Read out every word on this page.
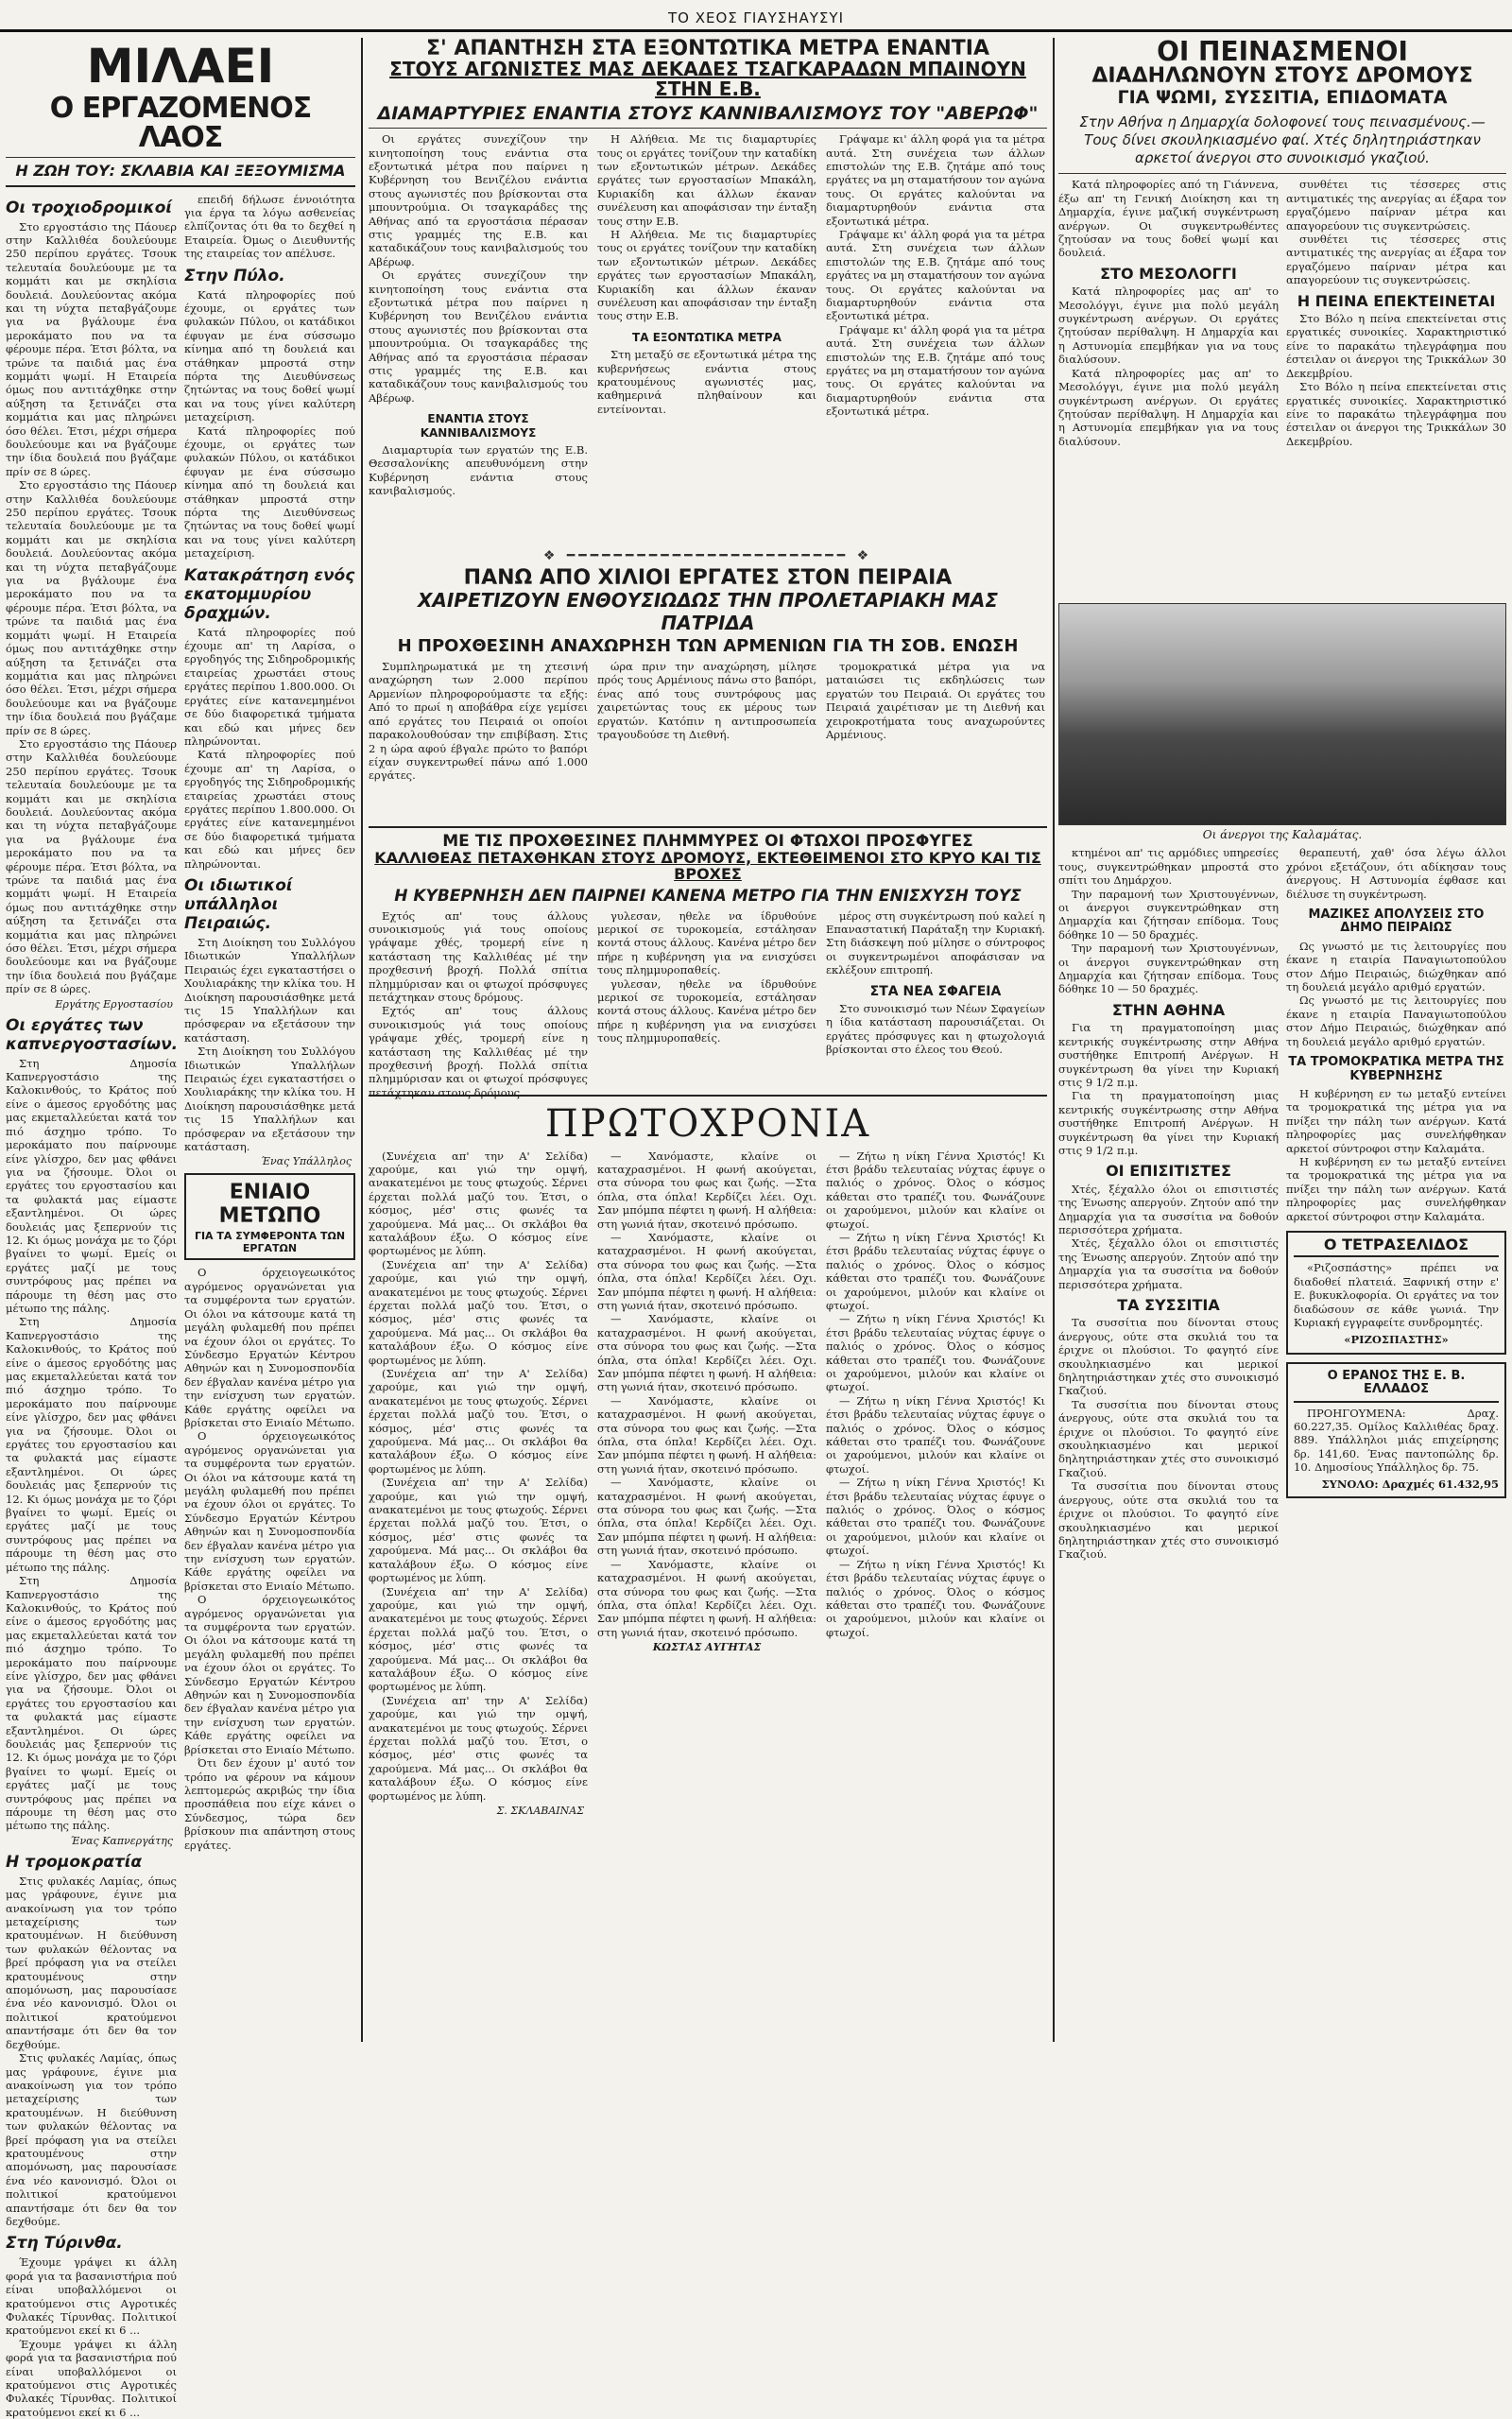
ΤΟ ΧΕΟΣ ΓΙΑΥΣΗΑΥΣΥΙ
ΜΙΛΑΕΙ
Ο ΕΡΓΑΖΟΜΕΝΟΣ ΛΑΟΣ
Η ΖΩΗ ΤΟΥ: ΣΚΛΑΒΙΑ ΚΑΙ ΞΕΞΟΥΜΙΣΜΑ
Οι τροχιοδρομικοί

Στο εργοστάσιο της Πάουερ στην Καλλιθέα δουλεύουμε 250 περίπου εργάτες. Τσουκ τελευταία δουλεύουμε με τα κομμάτι και με σκηλίσια δουλειά. Δουλεύοντας ακόμα και τη νύχτα πεταβγάζουμε για να βγάλουμε ένα μεροκάματο που να τα φέρουμε πέρα. Έτσι βόλτα, να τρώνε τα παιδιά μας ένα κομμάτι ψωμί. Η Εταιρεία όμως που αντιτάχθηκε στην αύξηση τα ξετινάζει στα κομμάτια και μας πληρώνει όσο θέλει. Έτσι, μέχρι σήμερα δουλεύουμε και να βγάζουμε την ίδια δουλειά που βγάζαμε πρίν σε 8 ώρες.

Στο εργοστάσιο της Πάουερ στην Καλλιθέα δουλεύουμε 250 περίπου εργάτες. Τσουκ τελευταία δουλεύουμε με τα κομμάτι και με σκηλίσια δουλειά. Δουλεύοντας ακόμα και τη νύχτα πεταβγάζουμε για να βγάλουμε ένα μεροκάματο που να τα φέρουμε πέρα. Έτσι βόλτα, να τρώνε τα παιδιά μας ένα κομμάτι ψωμί. Η Εταιρεία όμως που αντιτάχθηκε στην αύξηση τα ξετινάζει στα κομμάτια και μας πληρώνει όσο θέλει. Έτσι, μέχρι σήμερα δουλεύουμε και να βγάζουμε την ίδια δουλειά που βγάζαμε πρίν σε 8 ώρες.

Στο εργοστάσιο της Πάουερ στην Καλλιθέα δουλεύουμε 250 περίπου εργάτες. Τσουκ τελευταία δουλεύουμε με τα κομμάτι και με σκηλίσια δουλειά. Δουλεύοντας ακόμα και τη νύχτα πεταβγάζουμε για να βγάλουμε ένα μεροκάματο που να τα φέρουμε πέρα. Έτσι βόλτα, να τρώνε τα παιδιά μας ένα κομμάτι ψωμί. Η Εταιρεία όμως που αντιτάχθηκε στην αύξηση τα ξετινάζει στα κομμάτια και μας πληρώνει όσο θέλει. Έτσι, μέχρι σήμερα δουλεύουμε και να βγάζουμε την ίδια δουλειά που βγάζαμε πρίν σε 8 ώρες.

Εργάτης Εργοστασίου
Οι εργάτες των καπνεργοστασίων.

Στη Δημοσία Καπνεργοστάσιο της Καλοκινθούς, το Κράτος πού είνε ο άμεσος εργοδότης μας μας εκμεταλλεύεται κατά τον πιό άσχημο τρόπο. Το μεροκάματο που παίρνουμε είνε γλίσχρο, δεν μας φθάνει για να ζήσουμε. Όλοι οι εργάτες του εργοστασίου και τα φυλακτά μας είμαστε εξαντλημένοι. Οι ώρες δουλειάς μας ξεπερνούν τις 12. Κι όμως μονάχα με το ζόρι βγαίνει το ψωμί. Εμείς οι εργάτες μαζί με τους συντρόφους μας πρέπει να πάρουμε τη θέση μας στο μέτωπο της πάλης.

Στη Δημοσία Καπνεργοστάσιο της Καλοκινθούς, το Κράτος πού είνε ο άμεσος εργοδότης μας μας εκμεταλλεύεται κατά τον πιό άσχημο τρόπο. Το μεροκάματο που παίρνουμε είνε γλίσχρο, δεν μας φθάνει για να ζήσουμε. Όλοι οι εργάτες του εργοστασίου και τα φυλακτά μας είμαστε εξαντλημένοι. Οι ώρες δουλειάς μας ξεπερνούν τις 12. Κι όμως μονάχα με το ζόρι βγαίνει το ψωμί. Εμείς οι εργάτες μαζί με τους συντρόφους μας πρέπει να πάρουμε τη θέση μας στο μέτωπο της πάλης.

Στη Δημοσία Καπνεργοστάσιο της Καλοκινθούς, το Κράτος πού είνε ο άμεσος εργοδότης μας μας εκμεταλλεύεται κατά τον πιό άσχημο τρόπο. Το μεροκάματο που παίρνουμε είνε γλίσχρο, δεν μας φθάνει για να ζήσουμε. Όλοι οι εργάτες του εργοστασίου και τα φυλακτά μας είμαστε εξαντλημένοι. Οι ώρες δουλειάς μας ξεπερνούν τις 12. Κι όμως μονάχα με το ζόρι βγαίνει το ψωμί. Εμείς οι εργάτες μαζί με τους συντρόφους μας πρέπει να πάρουμε τη θέση μας στο μέτωπο της πάλης.

Ένας Καπνεργάτης
Η τρομοκρατία

Στις φυλακές Λαμίας, όπως μας γράφουνε, έγινε μια ανακοίνωση για τον τρόπο μεταχείρισης των κρατουμένων. Η διεύθυνση των φυλακών θέλοντας να βρεί πρόφαση για να στείλει κρατουμένους στην απομόνωση, μας παρουσίασε ένα νέο κανονισμό. Όλοι οι πολιτικοί κρατούμενοι απαντήσαμε ότι δεν θα τον δεχθούμε.

Στις φυλακές Λαμίας, όπως μας γράφουνε, έγινε μια ανακοίνωση για τον τρόπο μεταχείρισης των κρατουμένων. Η διεύθυνση των φυλακών θέλοντας να βρεί πρόφαση για να στείλει κρατουμένους στην απομόνωση, μας παρουσίασε ένα νέο κανονισμό. Όλοι οι πολιτικοί κρατούμενοι απαντήσαμε ότι δεν θα τον δεχθούμε.

Στη Τύρινθα.

Έχουμε γράψει κι άλλη φορά για τα βασανιστήρια πού είναι υποβαλλόμενοι οι κρατούμενοι στις Αγροτικές Φυλακές Τίρυνθας. Πολιτικοί κρατούμενοι εκεί κι 6 ...

Έχουμε γράψει κι άλλη φορά για τα βασανιστήρια πού είναι υποβαλλόμενοι οι κρατούμενοι στις Αγροτικές Φυλακές Τίρυνθας. Πολιτικοί κρατούμενοι εκεί κι 6 ...

επειδή δήλωσε έννοιότητα για έργα τα λόγω ασθενείας ελπίζοντας ότι θα το δεχθεί η Εταιρεία. Όμως ο Διευθυντής της εταιρείας τον απέλυσε.

Στην Πύλο.

Κατά πληροφορίες πού έχουμε, οι εργάτες των φυλακών Πύλου, οι κατάδικοι έφυγαν με ένα σύσσωμο κίνημα από τη δουλειά και στάθηκαν μπροστά στην πόρτα της Διευθύνσεως ζητώντας να τους δοθεί ψωμί και να τους γίνει καλύτερη μεταχείριση.

Κατά πληροφορίες πού έχουμε, οι εργάτες των φυλακών Πύλου, οι κατάδικοι έφυγαν με ένα σύσσωμο κίνημα από τη δουλειά και στάθηκαν μπροστά στην πόρτα της Διευθύνσεως ζητώντας να τους δοθεί ψωμί και να τους γίνει καλύτερη μεταχείριση.

Κατακράτηση ενός εκατομμυρίου δραχμών.

Κατά πληροφορίες πού έχουμε απ' τη Λαρίσα, ο εργοδηγός της Σιδηροδρομικής εταιρείας χρωστάει στους εργάτες περίπου 1.800.000. Οι εργάτες είνε κατανεμημένοι σε δύο διαφορετικά τμήματα και εδώ και μήνες δεν πληρώνονται.

Κατά πληροφορίες πού έχουμε απ' τη Λαρίσα, ο εργοδηγός της Σιδηροδρομικής εταιρείας χρωστάει στους εργάτες περίπου 1.800.000. Οι εργάτες είνε κατανεμημένοι σε δύο διαφορετικά τμήματα και εδώ και μήνες δεν πληρώνονται.

Οι ιδιωτικοί υπάλληλοι Πειραιώς.

Στη Διοίκηση του Συλλόγου Ιδιωτικών Υπαλλήλων Πειραιώς έχει εγκαταστήσει ο Χουλιαράκης την κλίκα του. Η Διοίκηση παρουσιάσθηκε μετά τις 15 Υπαλλήλων και πρόσφεραν να εξετάσουν την κατάσταση.

Στη Διοίκηση του Συλλόγου Ιδιωτικών Υπαλλήλων Πειραιώς έχει εγκαταστήσει ο Χουλιαράκης την κλίκα του. Η Διοίκηση παρουσιάσθηκε μετά τις 15 Υπαλλήλων και πρόσφεραν να εξετάσουν την κατάσταση.

Ένας Υπάλληλος
ΕΝΙΑΙΟ ΜΕΤΩΠΟ
ΓΙΑ ΤΑ ΣΥΜΦΕΡΟΝΤΑ ΤΩΝ ΕΡΓΑΤΩΝ

Ο όρχειογεωικότος αγρόμενος οργανώνεται για τα συμφέροντα των εργατών. Οι όλοι να κάτσουμε κατά τη μεγάλη φυλαμεθή που πρέπει να έχουν όλοι οι εργάτες. Το Σύνδεσμο Εργατών Κέντρου Αθηνών και η Συνομοσπονδία δεν έβγαλαν κανένα μέτρο για την ενίσχυση των εργατών. Κάθε εργάτης οφείλει να βρίσκεται στο Ενιαίο Μέτωπο.

Ο όρχειογεωικότος αγρόμενος οργανώνεται για τα συμφέροντα των εργατών. Οι όλοι να κάτσουμε κατά τη μεγάλη φυλαμεθή που πρέπει να έχουν όλοι οι εργάτες. Το Σύνδεσμο Εργατών Κέντρου Αθηνών και η Συνομοσπονδία δεν έβγαλαν κανένα μέτρο για την ενίσχυση των εργατών. Κάθε εργάτης οφείλει να βρίσκεται στο Ενιαίο Μέτωπο.

Ο όρχειογεωικότος αγρόμενος οργανώνεται για τα συμφέροντα των εργατών. Οι όλοι να κάτσουμε κατά τη μεγάλη φυλαμεθή που πρέπει να έχουν όλοι οι εργάτες. Το Σύνδεσμο Εργατών Κέντρου Αθηνών και η Συνομοσπονδία δεν έβγαλαν κανένα μέτρο για την ενίσχυση των εργατών. Κάθε εργάτης οφείλει να βρίσκεται στο Ενιαίο Μέτωπο.

Ότι δεν έχουν μ' αυτό τον τρόπο να φέρουν να κάμουν λεπτομερώς ακριβώς την ίδια προσπάθεια που είχε κάνει ο Σύνδεσμος, τώρα δεν βρίσκουν πια απάντηση στους εργάτες.

Σ' ΑΠΑΝΤΗΣΗ ΣΤΑ ΕΞΟΝΤΩΤΙΚΑ ΜΕΤΡΑ ΕΝΑΝΤΙΑ
ΣΤΟΥΣ ΑΓΩΝΙΣΤΕΣ ΜΑΣ ΔΕΚΑΔΕΣ ΤΣΑΓΚΑΡΑΔΩΝ ΜΠΑΙΝΟΥΝ ΣΤΗΝ Ε.Β.
ΔΙΑΜΑΡΤΥΡΙΕΣ ΕΝΑΝΤΙΑ ΣΤΟΥΣ ΚΑΝΝΙΒΑΛΙΣΜΟΥΣ ΤΟΥ "ΑΒΕΡΩΦ"

Οι εργάτες συνεχίζουν την κινητοποίηση τους ενάντια στα εξοντωτικά μέτρα που παίρνει η Κυβέρνηση του Βενιζέλου ενάντια στους αγωνιστές που βρίσκονται στα μπουντρούμια. Οι τσαγκαράδες της Αθήνας από τα εργοστάσια πέρασαν στις γραμμές της Ε.Β. και καταδικάζουν τους κανιβαλισμούς του Αβέρωφ.

Οι εργάτες συνεχίζουν την κινητοποίηση τους ενάντια στα εξοντωτικά μέτρα που παίρνει η Κυβέρνηση του Βενιζέλου ενάντια στους αγωνιστές που βρίσκονται στα μπουντρούμια. Οι τσαγκαράδες της Αθήνας από τα εργοστάσια πέρασαν στις γραμμές της Ε.Β. και καταδικάζουν τους κανιβαλισμούς του Αβέρωφ.

ΕΝΑΝΤΙΑ ΣΤΟΥΣ ΚΑΝΝΙΒΑΛΙΣΜΟΥΣ

Διαμαρτυρία των εργατών της Ε.Β. Θεσσαλονίκης απευθυνόμενη στην Κυβέρνηση ενάντια στους κανιβαλισμούς.

Η Αλήθεια. Με τις διαμαρτυρίες τους οι εργάτες τονίζουν την καταδίκη των εξοντωτικών μέτρων. Δεκάδες εργάτες των εργοστασίων Μπακάλη, Κυριακίδη και άλλων έκαναν συνέλευση και αποφάσισαν την ένταξη τους στην Ε.Β.

Η Αλήθεια. Με τις διαμαρτυρίες τους οι εργάτες τονίζουν την καταδίκη των εξοντωτικών μέτρων. Δεκάδες εργάτες των εργοστασίων Μπακάλη, Κυριακίδη και άλλων έκαναν συνέλευση και αποφάσισαν την ένταξη τους στην Ε.Β.

ΤΑ ΕΞΟΝΤΩΤΙΚΑ ΜΕΤΡΑ

Στη μεταξύ σε εξοντωτικά μέτρα της κυβερνήσεως ενάντια στους κρατουμένους αγωνιστές μας, καθημερινά πληθαίνουν και εντείνονται.

Γράψαμε κι' άλλη φορά για τα μέτρα αυτά. Στη συνέχεια των άλλων επιστολών της Ε.Β. ζητάμε από τους εργάτες να μη σταματήσουν τον αγώνα τους. Οι εργάτες καλούνται να διαμαρτυρηθούν ενάντια στα εξοντωτικά μέτρα.

Γράψαμε κι' άλλη φορά για τα μέτρα αυτά. Στη συνέχεια των άλλων επιστολών της Ε.Β. ζητάμε από τους εργάτες να μη σταματήσουν τον αγώνα τους. Οι εργάτες καλούνται να διαμαρτυρηθούν ενάντια στα εξοντωτικά μέτρα.

Γράψαμε κι' άλλη φορά για τα μέτρα αυτά. Στη συνέχεια των άλλων επιστολών της Ε.Β. ζητάμε από τους εργάτες να μη σταματήσουν τον αγώνα τους. Οι εργάτες καλούνται να διαμαρτυρηθούν ενάντια στα εξοντωτικά μέτρα.

❖ ━━━━━━━━━━━━━━━━━━━━━━━━ ❖
ΠΑΝΩ ΑΠΟ ΧΙΛΙΟΙ ΕΡΓΑΤΕΣ ΣΤΟΝ ΠΕΙΡΑΙΑ
ΧΑΙΡΕΤΙΖΟΥΝ ΕΝΘΟΥΣΙΩΔΩΣ ΤΗΝ ΠΡΟΛΕΤΑΡΙΑΚΗ ΜΑΣ ΠΑΤΡΙΔΑ
Η ΠΡΟΧΘΕΣΙΝΗ ΑΝΑΧΩΡΗΣΗ ΤΩΝ ΑΡΜΕΝΙΩΝ ΓΙΑ ΤΗ ΣΟΒ. ΕΝΩΣΗ

Συμπληρωματικά με τη χτεσινή αναχώρηση των 2.000 περίπου Αρμενίων πληροφορούμαστε τα εξής: Από το πρωί η αποβάθρα είχε γεμίσει από εργάτες του Πειραιά οι οποίοι παρακολουθούσαν την επιβίβαση. Στις 2 η ώρα αφού έβγαλε πρώτο το βαπόρι είχαν συγκεντρωθεί πάνω από 1.000 εργάτες.

ώρα πριν την αναχώρηση, μίλησε πρός τους Αρμένιους πάνω στο βαπόρι, ένας από τους συντρόφους μας χαιρετώντας τους εκ μέρους των εργατών. Κατόπιν η αντιπροσωπεία τραγουδούσε τη Διεθνή.

τρομοκρατικά μέτρα για να ματαιώσει τις εκδηλώσεις των εργατών του Πειραιά. Οι εργάτες του Πειραιά χαιρέτισαν με τη Διεθνή και χειροκροτήματα τους αναχωρούντες Αρμένιους.

ΜΕ ΤΙΣ ΠΡΟΧΘΕΣΙΝΕΣ ΠΛΗΜΜΥΡΕΣ ΟΙ ΦΤΩΧΟΙ ΠΡΟΣΦΥΓΕΣ
ΚΑΛΛΙΘΕΑΣ ΠΕΤΑΧΘΗΚΑΝ ΣΤΟΥΣ ΔΡΟΜΟΥΣ, ΕΚΤΕΘΕΙΜΕΝΟΙ ΣΤΟ ΚΡΥΟ ΚΑΙ ΤΙΣ ΒΡΟΧΕΣ
Η ΚΥΒΕΡΝΗΣΗ ΔΕΝ ΠΑΙΡΝΕΙ ΚΑΝΕΝΑ ΜΕΤΡΟ ΓΙΑ ΤΗΝ ΕΝΙΣΧΥΣΗ ΤΟΥΣ

Εχτός απ' τους άλλους συνοικισμούς γιά τους οποίους γράψαμε χθές, τρομερή είνε η κατάσταση της Καλλιθέας μέ την προχθεσινή βροχή. Πολλά σπίτια πλημμύρισαν και οι φτωχοί πρόσφυγες πετάχτηκαν στους δρόμους.

Εχτός απ' τους άλλους συνοικισμούς γιά τους οποίους γράψαμε χθές, τρομερή είνε η κατάσταση της Καλλιθέας μέ την προχθεσινή βροχή. Πολλά σπίτια πλημμύρισαν και οι φτωχοί πρόσφυγες πετάχτηκαν στους δρόμους.

γυλεσαν, ηθελε να ίδρυθούνε μερικοί σε τυροκομεία, εστάλησαν κοντά στους άλλους. Κανένα μέτρο δεν πήρε η κυβέρνηση για να ενισχύσει τους πλημμυροπαθείς.

γυλεσαν, ηθελε να ίδρυθούνε μερικοί σε τυροκομεία, εστάλησαν κοντά στους άλλους. Κανένα μέτρο δεν πήρε η κυβέρνηση για να ενισχύσει τους πλημμυροπαθείς.

μέρος στη συγκέντρωση πού καλεί η Επαναστατική Παράταξη την Κυριακή. Στη διάσκεψη πού μίλησε ο σύντροφος οι συγκεντρωμένοι αποφάσισαν να εκλέξουν επιτροπή.

ΣΤΑ ΝΕΑ ΣΦΑΓΕΙΑ

Στο συνοικισμό των Νέων Σφαγείων η ίδια κατάσταση παρουσιάζεται. Οι εργάτες πρόσφυγες και η φτωχολογιά βρίσκονται στο έλεος του Θεού.

ΠΡΩΤΟΧΡΟΝΙΑ

(Συνέχεια απ' την Α' Σελίδα) χαρούμε, και γιώ την ομψή, ανακατεμένοι με τους φτωχούς. Σέρνει έρχεται πολλά μαζύ του. Έτσι, ο κόσμος, μέσ' στις φωνές τα χαρούμενα. Μά μας... Οι σκλάβοι θα καταλάβουν έξω. Ο κόσμος είνε φορτωμένος με λύπη.

(Συνέχεια απ' την Α' Σελίδα) χαρούμε, και γιώ την ομψή, ανακατεμένοι με τους φτωχούς. Σέρνει έρχεται πολλά μαζύ του. Έτσι, ο κόσμος, μέσ' στις φωνές τα χαρούμενα. Μά μας... Οι σκλάβοι θα καταλάβουν έξω. Ο κόσμος είνε φορτωμένος με λύπη.

(Συνέχεια απ' την Α' Σελίδα) χαρούμε, και γιώ την ομψή, ανακατεμένοι με τους φτωχούς. Σέρνει έρχεται πολλά μαζύ του. Έτσι, ο κόσμος, μέσ' στις φωνές τα χαρούμενα. Μά μας... Οι σκλάβοι θα καταλάβουν έξω. Ο κόσμος είνε φορτωμένος με λύπη.

(Συνέχεια απ' την Α' Σελίδα) χαρούμε, και γιώ την ομψή, ανακατεμένοι με τους φτωχούς. Σέρνει έρχεται πολλά μαζύ του. Έτσι, ο κόσμος, μέσ' στις φωνές τα χαρούμενα. Μά μας... Οι σκλάβοι θα καταλάβουν έξω. Ο κόσμος είνε φορτωμένος με λύπη.

(Συνέχεια απ' την Α' Σελίδα) χαρούμε, και γιώ την ομψή, ανακατεμένοι με τους φτωχούς. Σέρνει έρχεται πολλά μαζύ του. Έτσι, ο κόσμος, μέσ' στις φωνές τα χαρούμενα. Μά μας... Οι σκλάβοι θα καταλάβουν έξω. Ο κόσμος είνε φορτωμένος με λύπη.

(Συνέχεια απ' την Α' Σελίδα) χαρούμε, και γιώ την ομψή, ανακατεμένοι με τους φτωχούς. Σέρνει έρχεται πολλά μαζύ του. Έτσι, ο κόσμος, μέσ' στις φωνές τα χαρούμενα. Μά μας... Οι σκλάβοι θα καταλάβουν έξω. Ο κόσμος είνε φορτωμένος με λύπη.

Σ. ΣΚΛΑΒΑΙΝΑΣ

— Χανόμαστε, κλαίνε οι καταχρασμένοι. Η φωνή ακούγεται, στα σύνορα του φως και ζωής. —Στα όπλα, στα όπλα! Κερδίζει λέει. Οχι. Σαν μπόμπα πέφτει η φωνή. Η αλήθεια: στη γωνιά ήταν, σκοτεινό πρόσωπο.

— Χανόμαστε, κλαίνε οι καταχρασμένοι. Η φωνή ακούγεται, στα σύνορα του φως και ζωής. —Στα όπλα, στα όπλα! Κερδίζει λέει. Οχι. Σαν μπόμπα πέφτει η φωνή. Η αλήθεια: στη γωνιά ήταν, σκοτεινό πρόσωπο.

— Χανόμαστε, κλαίνε οι καταχρασμένοι. Η φωνή ακούγεται, στα σύνορα του φως και ζωής. —Στα όπλα, στα όπλα! Κερδίζει λέει. Οχι. Σαν μπόμπα πέφτει η φωνή. Η αλήθεια: στη γωνιά ήταν, σκοτεινό πρόσωπο.

— Χανόμαστε, κλαίνε οι καταχρασμένοι. Η φωνή ακούγεται, στα σύνορα του φως και ζωής. —Στα όπλα, στα όπλα! Κερδίζει λέει. Οχι. Σαν μπόμπα πέφτει η φωνή. Η αλήθεια: στη γωνιά ήταν, σκοτεινό πρόσωπο.

— Χανόμαστε, κλαίνε οι καταχρασμένοι. Η φωνή ακούγεται, στα σύνορα του φως και ζωής. —Στα όπλα, στα όπλα! Κερδίζει λέει. Οχι. Σαν μπόμπα πέφτει η φωνή. Η αλήθεια: στη γωνιά ήταν, σκοτεινό πρόσωπο.

— Χανόμαστε, κλαίνε οι καταχρασμένοι. Η φωνή ακούγεται, στα σύνορα του φως και ζωής. —Στα όπλα, στα όπλα! Κερδίζει λέει. Οχι. Σαν μπόμπα πέφτει η φωνή. Η αλήθεια: στη γωνιά ήταν, σκοτεινό πρόσωπο.

ΚΩΣΤΑΣ ΑΥΓΗΤΑΣ

— Ζήτω η νίκη Γέννα Χριστός! Κι έτσι βράδυ τελευταίας νύχτας έφυγε ο παλιός ο χρόνος. Όλος ο κόσμος κάθεται στο τραπέζι του. Φωνάζουνε οι χαρούμενοι, μιλούν και κλαίνε οι φτωχοί.

— Ζήτω η νίκη Γέννα Χριστός! Κι έτσι βράδυ τελευταίας νύχτας έφυγε ο παλιός ο χρόνος. Όλος ο κόσμος κάθεται στο τραπέζι του. Φωνάζουνε οι χαρούμενοι, μιλούν και κλαίνε οι φτωχοί.

— Ζήτω η νίκη Γέννα Χριστός! Κι έτσι βράδυ τελευταίας νύχτας έφυγε ο παλιός ο χρόνος. Όλος ο κόσμος κάθεται στο τραπέζι του. Φωνάζουνε οι χαρούμενοι, μιλούν και κλαίνε οι φτωχοί.

— Ζήτω η νίκη Γέννα Χριστός! Κι έτσι βράδυ τελευταίας νύχτας έφυγε ο παλιός ο χρόνος. Όλος ο κόσμος κάθεται στο τραπέζι του. Φωνάζουνε οι χαρούμενοι, μιλούν και κλαίνε οι φτωχοί.

— Ζήτω η νίκη Γέννα Χριστός! Κι έτσι βράδυ τελευταίας νύχτας έφυγε ο παλιός ο χρόνος. Όλος ο κόσμος κάθεται στο τραπέζι του. Φωνάζουνε οι χαρούμενοι, μιλούν και κλαίνε οι φτωχοί.

— Ζήτω η νίκη Γέννα Χριστός! Κι έτσι βράδυ τελευταίας νύχτας έφυγε ο παλιός ο χρόνος. Όλος ο κόσμος κάθεται στο τραπέζι του. Φωνάζουνε οι χαρούμενοι, μιλούν και κλαίνε οι φτωχοί.

ΟΙ ΠΕΙΝΑΣΜΕΝΟΙ
ΔΙΑΔΗΛΩΝΟΥΝ ΣΤΟΥΣ ΔΡΟΜΟΥΣ
ΓΙΑ ΨΩΜΙ, ΣΥΣΣΙΤΙΑ, ΕΠΙΔΟΜΑΤΑ
Στην Αθήνα η Δημαρχία δολοφονεί τους πεινασμένους.— Τους δίνει σκουληκιασμένο φαί. Χτές δηλητηριάστηκαν αρκετοί άνεργοι στο συνοικισμό γκαζιού.

Κατά πληροφορίες από τη Γιάννενα, έξω απ' τη Γενική Διοίκηση και τη Δημαρχία, έγινε μαζική συγκέντρωση ανέργων. Οι συγκεντρωθέντες ζητούσαν να τους δοθεί ψωμί και δουλειά.

ΣΤΟ ΜΕΣΟΛΟΓΓΙ

Κατά πληροφορίες μας απ' το Μεσολόγγι, έγινε μια πολύ μεγάλη συγκέντρωση ανέργων. Οι εργάτες ζητούσαν περίθαλψη. Η Δημαρχία και η Αστυνομία επεμβήκαν για να τους διαλύσουν.

Κατά πληροφορίες μας απ' το Μεσολόγγι, έγινε μια πολύ μεγάλη συγκέντρωση ανέργων. Οι εργάτες ζητούσαν περίθαλψη. Η Δημαρχία και η Αστυνομία επεμβήκαν για να τους διαλύσουν.

συνθέτει τις τέσσερες στις αντιματικές της ανεργίας αι έξαρα τον εργαζόμενο παίρναν μέτρα και απαγορεύουν τις συγκεντρώσεις.

συνθέτει τις τέσσερες στις αντιματικές της ανεργίας αι έξαρα τον εργαζόμενο παίρναν μέτρα και απαγορεύουν τις συγκεντρώσεις.

Η ΠΕΙΝΑ ΕΠΕΚΤΕΙΝΕΤΑΙ

Στο Βόλο η πείνα επεκτείνεται στις εργατικές συνοικίες. Χαρακτηριστικό είνε το παρακάτω τηλεγράφημα που έστειλαν οι άνεργοι της Τρικκάλων 30 Δεκεμβρίου.

Στο Βόλο η πείνα επεκτείνεται στις εργατικές συνοικίες. Χαρακτηριστικό είνε το παρακάτω τηλεγράφημα που έστειλαν οι άνεργοι της Τρικκάλων 30 Δεκεμβρίου.

Οι άνεργοι της Καλαμάτας.

κτημένοι απ' τις αρμόδιες υπηρεσίες τους, συγκεντρώθηκαν μπροστά στο σπίτι του Δημάρχου.

Την παραμονή των Χριστουγέννων, οι άνεργοι συγκεντρώθηκαν στη Δημαρχία και ζήτησαν επίδομα. Τους δόθηκε 10 — 50 δραχμές.

Την παραμονή των Χριστουγέννων, οι άνεργοι συγκεντρώθηκαν στη Δημαρχία και ζήτησαν επίδομα. Τους δόθηκε 10 — 50 δραχμές.

ΣΤΗΝ ΑΘΗΝΑ

Για τη πραγματοποίηση μιας κεντρικής συγκέντρωσης στην Αθήνα συστήθηκε Επιτροπή Ανέργων. Η συγκέντρωση θα γίνει την Κυριακή στις 9 1/2 π.μ.

Για τη πραγματοποίηση μιας κεντρικής συγκέντρωσης στην Αθήνα συστήθηκε Επιτροπή Ανέργων. Η συγκέντρωση θα γίνει την Κυριακή στις 9 1/2 π.μ.

ΟΙ ΕΠΙΣΙΤΙΣΤΕΣ

Χτές, ξέχαλλο όλοι οι επισιτιστές της Ένωσης απεργούν. Ζητούν από την Δημαρχία για τα συσσίτια να δοθούν περισσότερα χρήματα.

Χτές, ξέχαλλο όλοι οι επισιτιστές της Ένωσης απεργούν. Ζητούν από την Δημαρχία για τα συσσίτια να δοθούν περισσότερα χρήματα.

ΤΑ ΣΥΣΣΙΤΙΑ

Τα συσσίτια που δίνονται στους άνεργους, ούτε στα σκυλιά του τα έριχνε οι πλούσιοι. Το φαγητό είνε σκουληκιασμένο και μερικοί δηλητηριάστηκαν χτές στο συνοικισμό Γκαζιού.

Τα συσσίτια που δίνονται στους άνεργους, ούτε στα σκυλιά του τα έριχνε οι πλούσιοι. Το φαγητό είνε σκουληκιασμένο και μερικοί δηλητηριάστηκαν χτές στο συνοικισμό Γκαζιού.

Τα συσσίτια που δίνονται στους άνεργους, ούτε στα σκυλιά του τα έριχνε οι πλούσιοι. Το φαγητό είνε σκουληκιασμένο και μερικοί δηλητηριάστηκαν χτές στο συνοικισμό Γκαζιού.

θεραπευτή, χαθ' όσα λέγω άλλοι χρόνοι εξετάζουν, ότι αδίκησαν τους άνεργους. Η Αστυνομία έφθασε και διέλυσε τη συγκέντρωση.

ΜΑΖΙΚΕΣ ΑΠΟΛΥΣΕΙΣ ΣΤΟ ΔΗΜΟ ΠΕΙΡΑΙΩΣ

Ως γνωστό με τις λειτουργίες που έκανε η εταιρία Παναγιωτοπούλου στον Δήμο Πειραιώς, διώχθηκαν από τη δουλειά μεγάλο αριθμό εργατών.

Ως γνωστό με τις λειτουργίες που έκανε η εταιρία Παναγιωτοπούλου στον Δήμο Πειραιώς, διώχθηκαν από τη δουλειά μεγάλο αριθμό εργατών.

ΤΑ ΤΡΟΜΟΚΡΑΤΙΚΑ ΜΕΤΡΑ ΤΗΣ ΚΥΒΕΡΝΗΣΗΣ

Η κυβέρνηση εν τω μεταξύ εντείνει τα τρομοκρατικά της μέτρα για να πνίξει την πάλη των ανέργων. Κατά πληροφορίες μας συνελήφθηκαν αρκετοί σύντροφοι στην Καλαμάτα.

Η κυβέρνηση εν τω μεταξύ εντείνει τα τρομοκρατικά της μέτρα για να πνίξει την πάλη των ανέργων. Κατά πληροφορίες μας συνελήφθηκαν αρκετοί σύντροφοι στην Καλαμάτα.

Ο ΤΕΤΡΑΣΕΛΙΔΟΣ

«Ριζοσπάστης» πρέπει να διαδοθεί πλατειά. Ξαφνική στην ε' Ε. βυκυκλοφορία. Οι εργάτες να τον διαδώσουν σε κάθε γωνιά. Την Κυριακή εγγραφείτε συνδρομητές.

«ΡΙΖΟΣΠΑΣΤΗΣ»
Ο ΕΡΑΝΟΣ ΤΗΣ Ε. Β. ΕΛΛΑΔΟΣ

ΠΡΟΗΓΟΥΜΕΝΑ: Δραχ. 60.227,35. Ομίλος Καλλιθέας δραχ. 889. Υπάλληλοι μιάς επιχείρησης δρ. 141,60. Ένας παντοπώλης δρ. 10. Δημοσίους Υπάλληλος δρ. 75.

ΣΥΝΟΛΟ: Δραχμές 61.432,95
